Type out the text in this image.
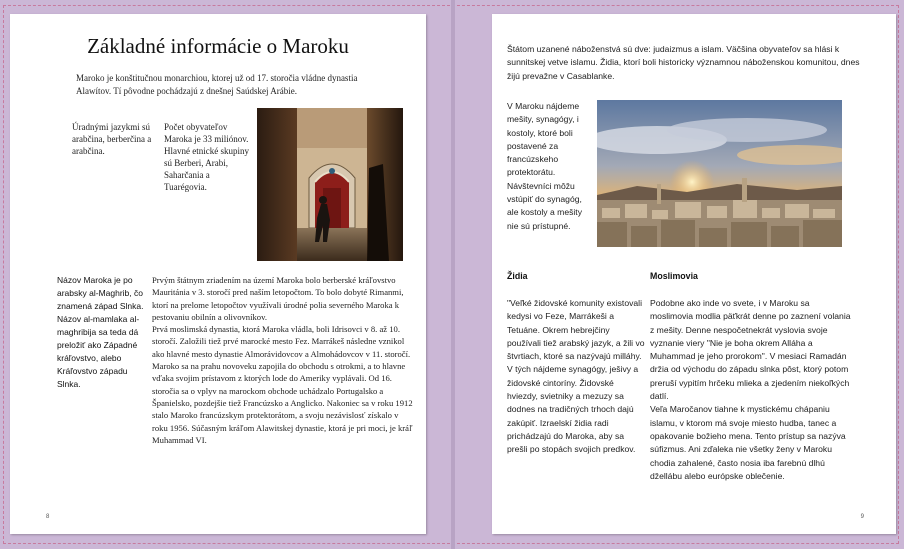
Základné informácie o Maroku
Maroko je konštitučnou monarchiou, ktorej už od 17. storočia vládne dynastia Alawítov. Tí pôvodne pochádzajú z dnešnej Saúdskej Arábie.
Úradnými jazykmi sú arabčina, berberčina a arabčina.
Počet obyvateľov Maroka je 33 miliónov. Hlavné etnické skupiny sú Berberi, Arabi, Saharčania a Tuarégovia.
Názov Maroka je po arabsky al-Maghrib, čo znamená západ Slnka. Názov al-mamlaka al-maghribija sa teda dá preložiť ako Západné kráľovstvo, alebo Kráľovstvo západu Slnka.

Prvým štátnym zriadením na území Maroka bolo berberské kráľovstvo Mauritánia v 3. storočí pred naším letopočtom. To bolo dobyté Rimanmi, ktorí na prelome letopočtov využívali úrodné polia severného Maroka k pestovaniu obilnín a olivovníkov.

Prvá moslimská dynastia, ktorá Maroka vládla, boli Idrisovci v 8. až 10. storočí. Založili tiež prvé marocké mesto Fez. Marrákeš následne vznikol ako hlavné mesto dynastie Almorávidovcov a Almohádovcov v 11. storočí. Maroko sa na prahu novoveku zapojila do obchodu s otrokmi, a to hlavne vďaka svojim prístavom z ktorých lode do Ameriky vyplávali. Od 16. storočia sa o vplyv na marockom obchode uchádzalo Portugalsko a Španielsko, pozdejšie tiež Francúzsko a Anglicko. Nakoniec sa v roku 1912 stalo Maroko francúzskym protektorátom, a svoju nezávislosť získalo v roku 1956. Súčasným kráľom Alawitskej dynastie, ktorá je pri moci, je kráľ Muhammad VI.

8
Štátom uzanené náboženstvá sú dve: judaizmus a islam. Väčšina obyvateľov sa hlási k sunnitskej vetve islamu. Židia, ktorí boli historicky významnou náboženskou komunitou, dnes žijú prevažne v Casablanke.
V Maroku nájdeme mešity, synagógy, i kostoly, ktoré boli postavené za francúzskeho protektorátu. Návštevníci môžu vstúpiť do synagóg, ale kostoly a mešity nie sú prístupné.
Židia	Moslimovia
"Veľké židovské komunity existovali kedysi vo Feze, Marrákeši a Tetuáne. Okrem hebrejčiny používali tiež arabský jazyk, a žili vo štvrtiach, ktoré sa nazývajú milláhy. V tých nájdeme synagógy, ješivy a židovské cintoríny. Židovské hviezdy, svietniky a mezuzy sa dodnes na tradičných trhoch dajú zakúpiť. Izraelskí židia radi prichádzajú do Maroka, aby sa prešli po stopách svojich predkov.

Podobne ako inde vo svete, i v Maroku sa moslimovia modlia päťkrát denne po zaznení volania z mešity. Denne nespočetnekrát vyslovia svoje vyznanie viery "Nie je boha okrem Alláha a Muhammad je jeho prorokom". V mesiaci Ramadán držia od východu do západu slnka pôst, ktorý potom preruší vypitím hrčeku mlieka a zjedením niekoľkých datlí.

Veľa Maročanov tiahne k mystickému chápaniu islamu, v ktorom má svoje miesto hudba, tanec a opakovanie božieho mena. Tento prístup sa nazýva súfizmus. Ani zďaleka nie všetky ženy v Maroku chodia zahalené, často nosia iba farebnú dlhú džellábu alebo európske oblečenie.

9
